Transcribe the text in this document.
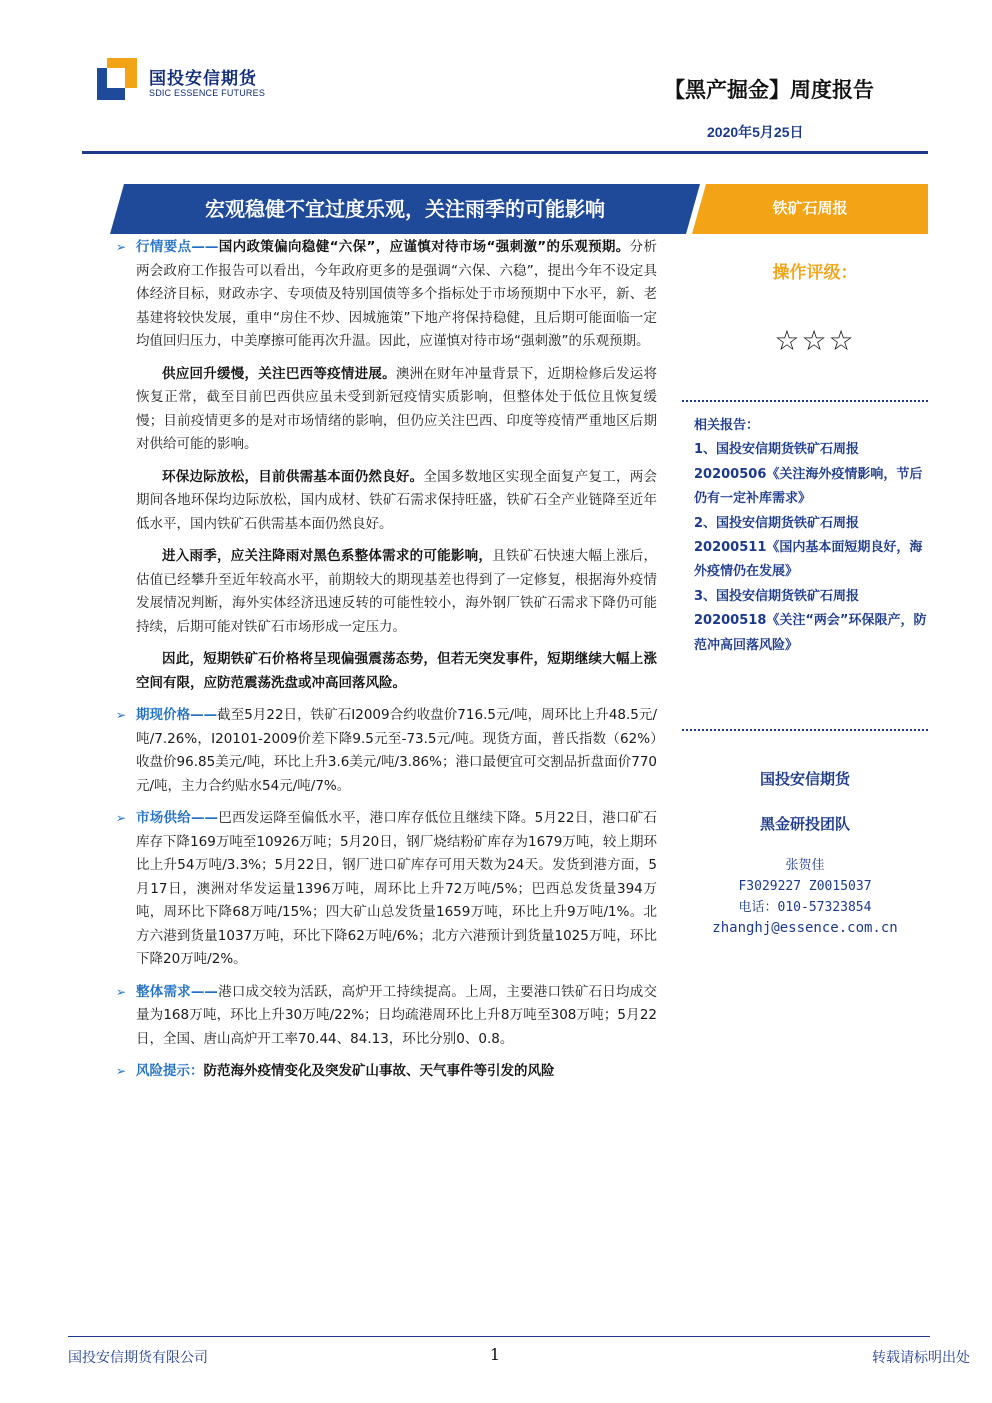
国投安信期货
SDIC ESSENCE FUTURES	【黑产掘金】周度报告
2020年5月25日
宏观稳健不宜过度乐观，关注雨季的可能影响	铁矿石周报

➢ 行情要点——国内政策偏向稳健“六保”，应谨慎对待市场“强刺激”的乐观预期。分析两会政府工作报告可以看出，今年政府更多的是强调“六保、六稳”，提出今年不设定具体经济目标，财政赤字、专项债及特别国债等多个指标处于市场预期中下水平，新、老基建将较快发展，重申“房住不炒、因城施策”下地产将保持稳健，且后期可能面临一定均值回归压力，中美摩擦可能再次升温。因此，应谨慎对待市场“强刺激”的乐观预期。

供应回升缓慢，关注巴西等疫情进展。澳洲在财年冲量背景下，近期检修后发运将恢复正常，截至目前巴西供应虽未受到新冠疫情实质影响，但整体处于低位且恢复缓慢；目前疫情更多的是对市场情绪的影响，但仍应关注巴西、印度等疫情严重地区后期对供给可能的影响。

环保边际放松，目前供需基本面仍然良好。全国多数地区实现全面复产复工，两会期间各地环保均边际放松，国内成材、铁矿石需求保持旺盛，铁矿石全产业链降至近年低水平，国内铁矿石供需基本面仍然良好。

进入雨季，应关注降雨对黑色系整体需求的可能影响，且铁矿石快速大幅上涨后，估值已经攀升至近年较高水平，前期较大的期现基差也得到了一定修复，根据海外疫情发展情况判断，海外实体经济迅速反转的可能性较小，海外钢厂铁矿石需求下降仍可能持续，后期可能对铁矿石市场形成一定压力。

因此，短期铁矿石价格将呈现偏强震荡态势，但若无突发事件，短期继续大幅上涨空间有限，应防范震荡洗盘或冲高回落风险。

➢ 期现价格——截至5月22日，铁矿石I2009合约收盘价716.5元/吨，周环比上升48.5元/吨/7.26%，I20101-2009价差下降9.5元至-73.5元/吨。现货方面，普氏指数（62%）收盘价96.85美元/吨，环比上升3.6美元/吨/3.86%；港口最便宜可交割品折盘面价770元/吨，主力合约贴水54元/吨/7%。

➢ 市场供给——巴西发运降至偏低水平，港口库存低位且继续下降。5月22日，港口矿石库存下降169万吨至10926万吨；5月20日，钢厂烧结粉矿库存为1679万吨，较上期环比上升54万吨/3.3%；5月22日，钢厂进口矿库存可用天数为24天。发货到港方面，5月17日，澳洲对华发运量1396万吨，周环比上升72万吨/5%；巴西总发货量394万吨，周环比下降68万吨/15%；四大矿山总发货量1659万吨，环比上升9万吨/1%。北方六港到货量1037万吨，环比下降62万吨/6%；北方六港预计到货量1025万吨，环比下降20万吨/2%。

➢ 整体需求——港口成交较为活跃，高炉开工持续提高。上周，主要港口铁矿石日均成交量为168万吨，环比上升30万吨/22%；日均疏港周环比上升8万吨至308万吨；5月22日，全国、唐山高炉开工率70.44、84.13，环比分别0、0.8。

➢ 风险提示：防范海外疫情变化及突发矿山事故、天气事件等引发的风险

操作评级：
☆☆☆
相关报告：
1、国投安信期货铁矿石周报20200506《关注海外疫情影响，节后仍有一定补库需求》
2、国投安信期货铁矿石周报20200511《国内基本面短期良好，海外疫情仍在发展》
3、国投安信期货铁矿石周报20200518《关注“两会”环保限产，防范冲高回落风险》
国投安信期货
黑金研投团队
张贺佳
F3029227 Z0015037
电话：010-57323854
zhanghj@essence.com.cn
国投安信期货有限公司	1	转载请标明出处
